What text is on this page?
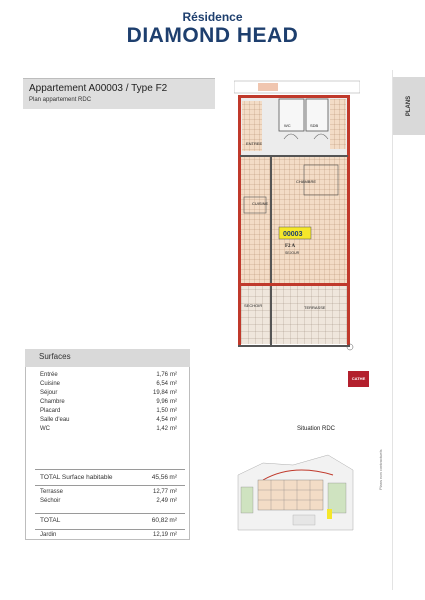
Résidence
DIAMOND HEAD
PLANS
Appartement A00003 / Type F2
Plan appartement RDC
CHAMBRE
CUISINE
SDB
WC
ENTREE
00003
F2 A
SEJOUR
TERRASSE
SECHOIR
CATHE
Surfaces
Entrée	1,76 m²
Cuisine	6,54 m²
Séjour	19,84 m²
Chambre	9,96 m²
Placard	1,50 m²
Salle d'eau	4,54 m²
WC	1,42 m²
TOTAL Surface habitable	45,56 m²
Terrasse	12,77 m²
Séchoir	2,49 m²
TOTAL	60,82 m²
Jardin	12,19 m²
Situation RDC
Plans non contractuels
